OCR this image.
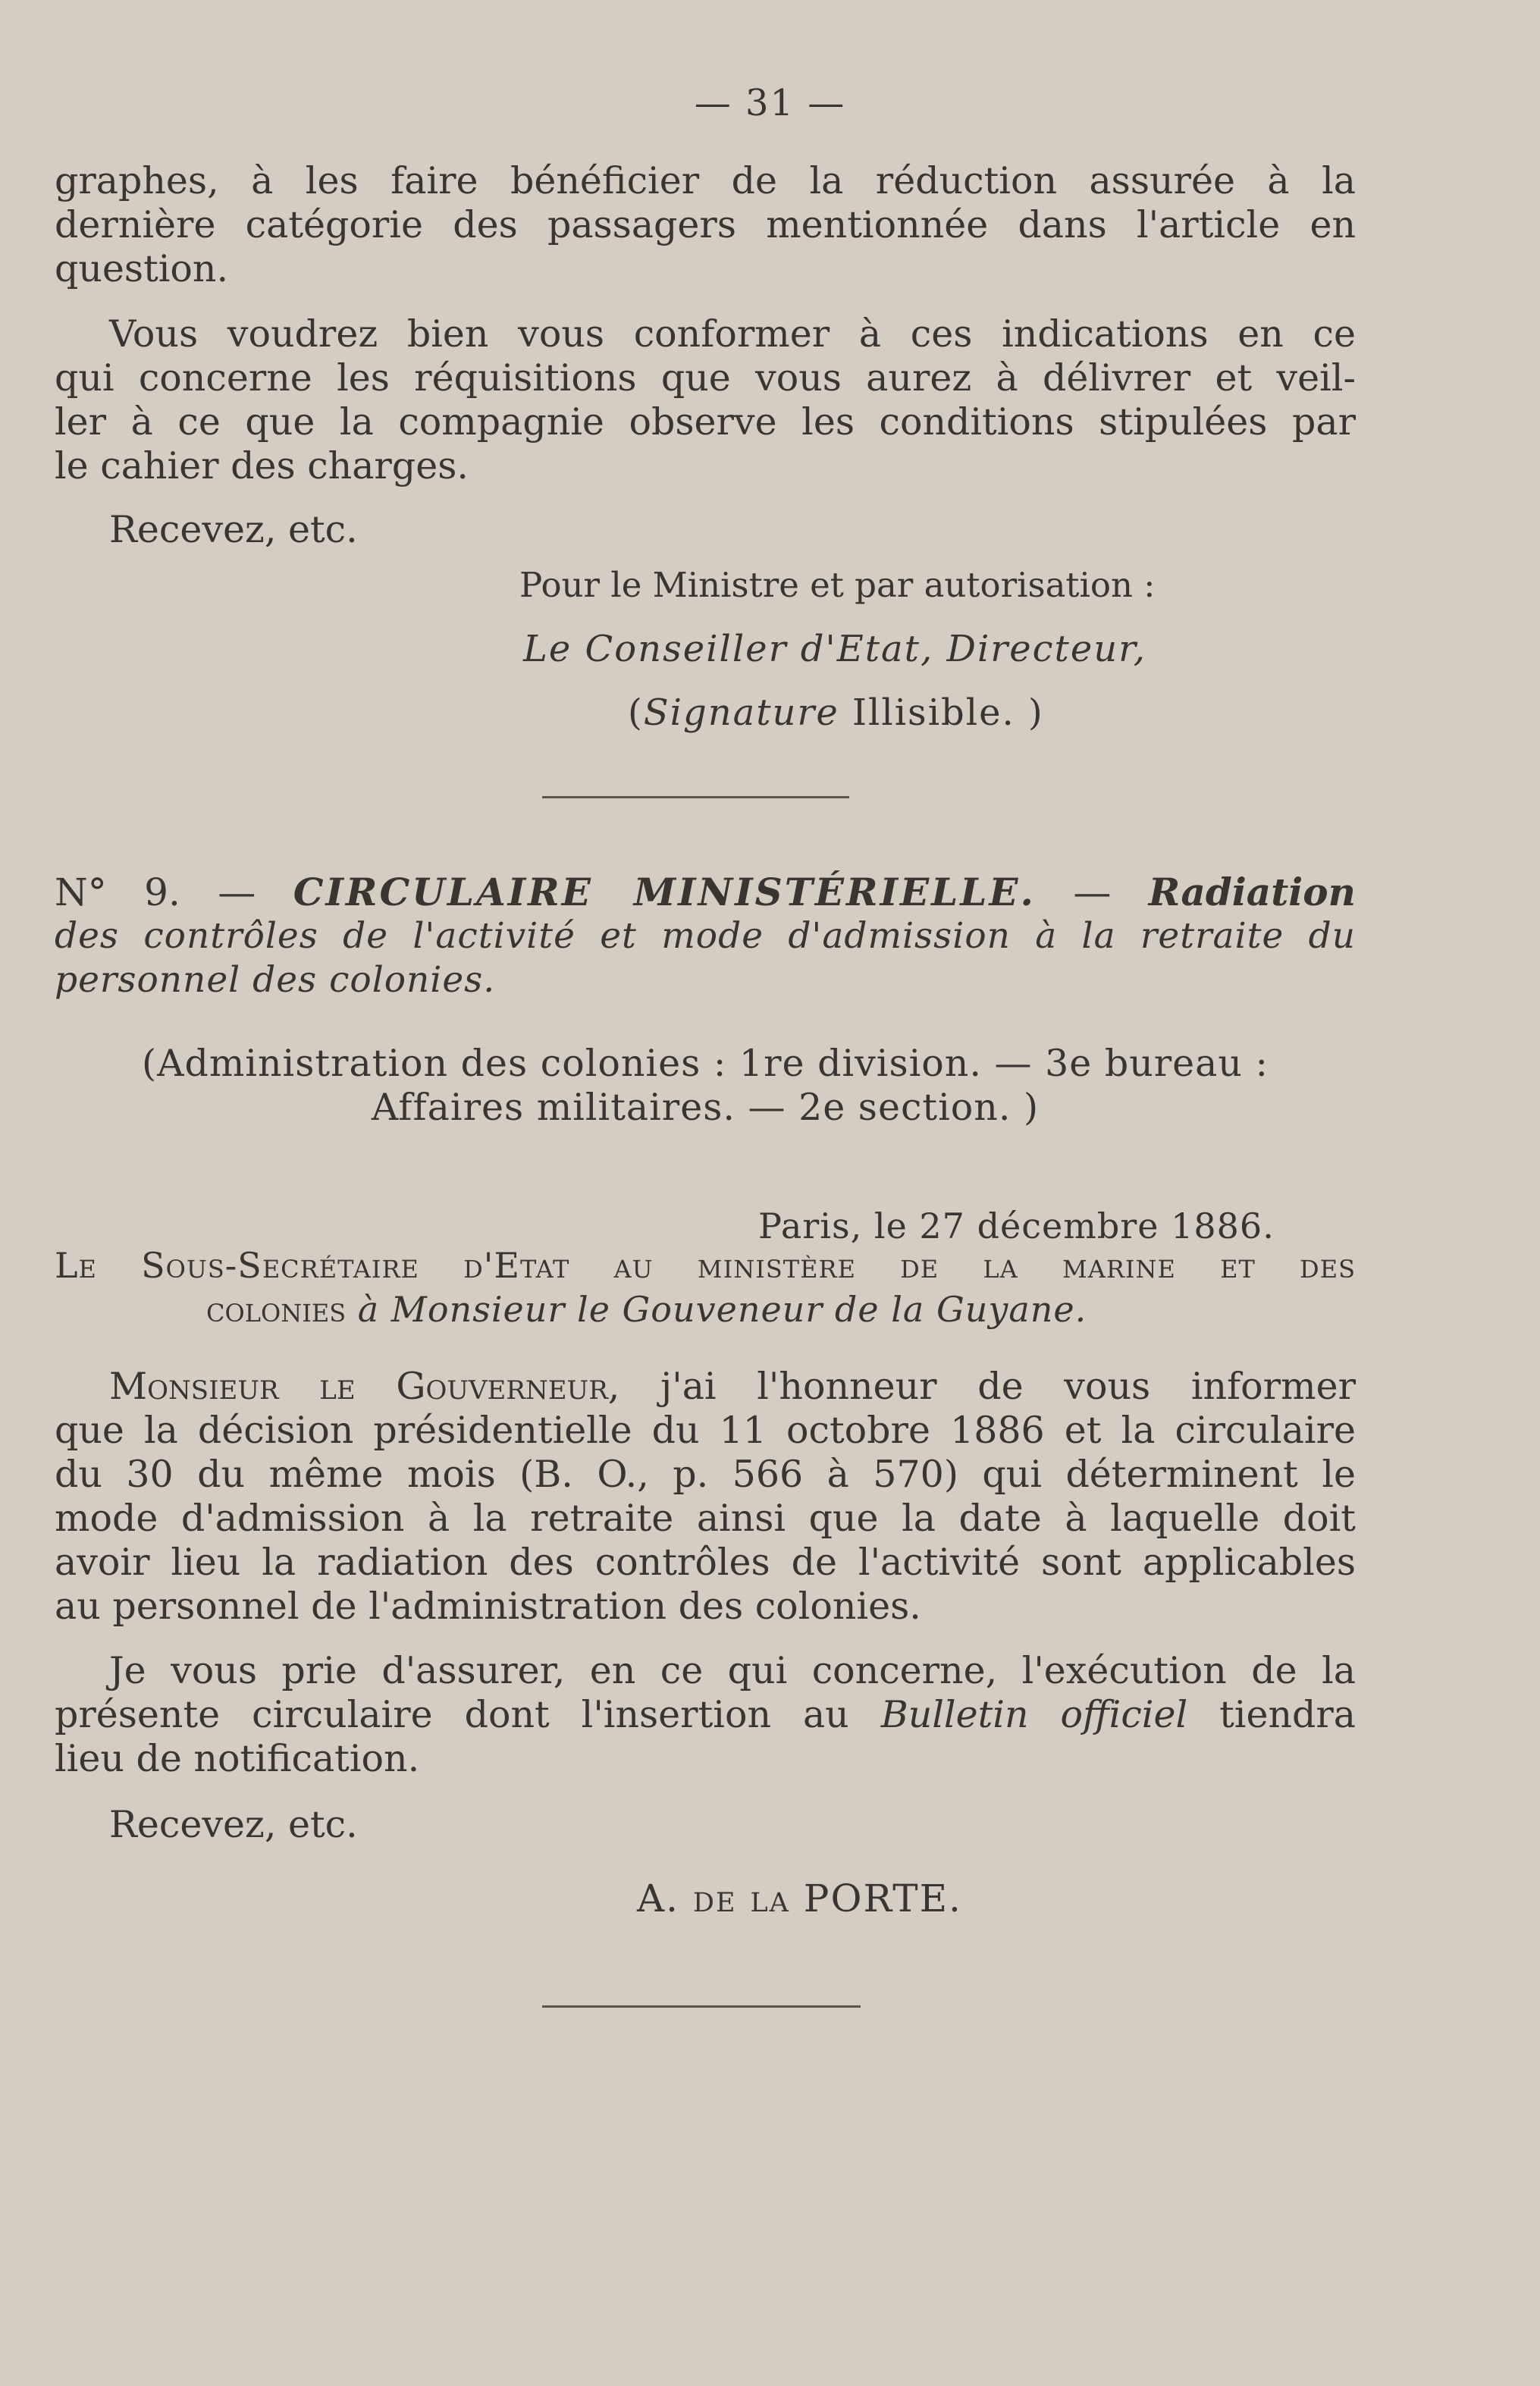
— 31 —
graphes, à les faire bénéficier de la réduction assurée à la
dernière catégorie des passagers mentionnée dans l'article en
question.
Vous voudrez bien vous conformer à ces indications en ce
qui concerne les réquisitions que vous aurez à délivrer et veil-
ler à ce que la compagnie observe les conditions stipulées par
le cahier des charges.
Recevez, etc.
Pour le Ministre et par autorisation :
Le Conseiller d'Etat, Directeur,
(Signature Illisible. )
N° 9. — CIRCULAIRE MINISTÉRIELLE. — Radiation
des contrôles de l'activité et mode d'admission à la retraite du
personnel des colonies.
(Administration des colonies : 1re division. — 3e bureau :
Affaires militaires. — 2e section. )
Paris, le 27 décembre 1886.
Le Sous-Secrétaire d'Etat au ministère de la marine et des
colonies à Monsieur le Gouveneur de la Guyane.
Monsieur le Gouverneur, j'ai l'honneur de vous informer
que la décision présidentielle du 11 octobre 1886 et la circulaire
du 30 du même mois (B. O., p. 566 à 570) qui déterminent le
mode d'admission à la retraite ainsi que la date à laquelle doit
avoir lieu la radiation des contrôles de l'activité sont applicables
au personnel de l'administration des colonies.
Je vous prie d'assurer, en ce qui concerne, l'exécution de la
présente circulaire dont l'insertion au Bulletin officiel tiendra
lieu de notification.
Recevez, etc.
A. de la PORTE.
